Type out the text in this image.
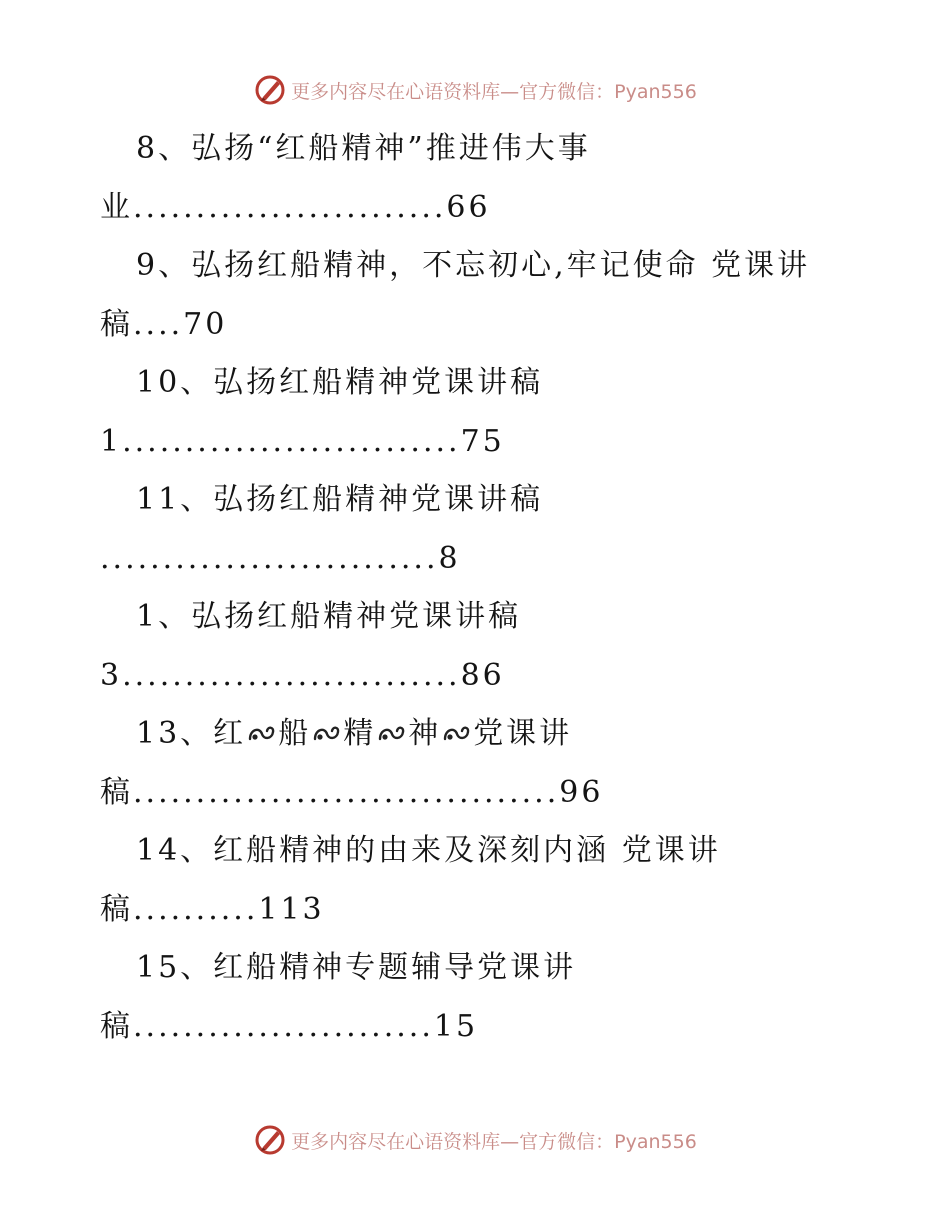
更多内容尽在心语资料库 —官方微信：Pyan556
8、弘扬“红船精神”推进伟大事
业.........................66
9、弘扬红船精神，不忘初心,牢记使命 党课讲
稿....70
10、弘扬红船精神党课讲稿
1...........................75
11、弘扬红船精神党课讲稿
...........................8
1、弘扬红船精神党课讲稿
3...........................86
13、红 船 精 神 党课讲
稿..................................96
14、红船精神的由来及深刻内涵 党课讲
稿..........113
15、红船精神专题辅导党课讲
稿........................15
更多内容尽在心语资料库 —官方微信：Pyan556
